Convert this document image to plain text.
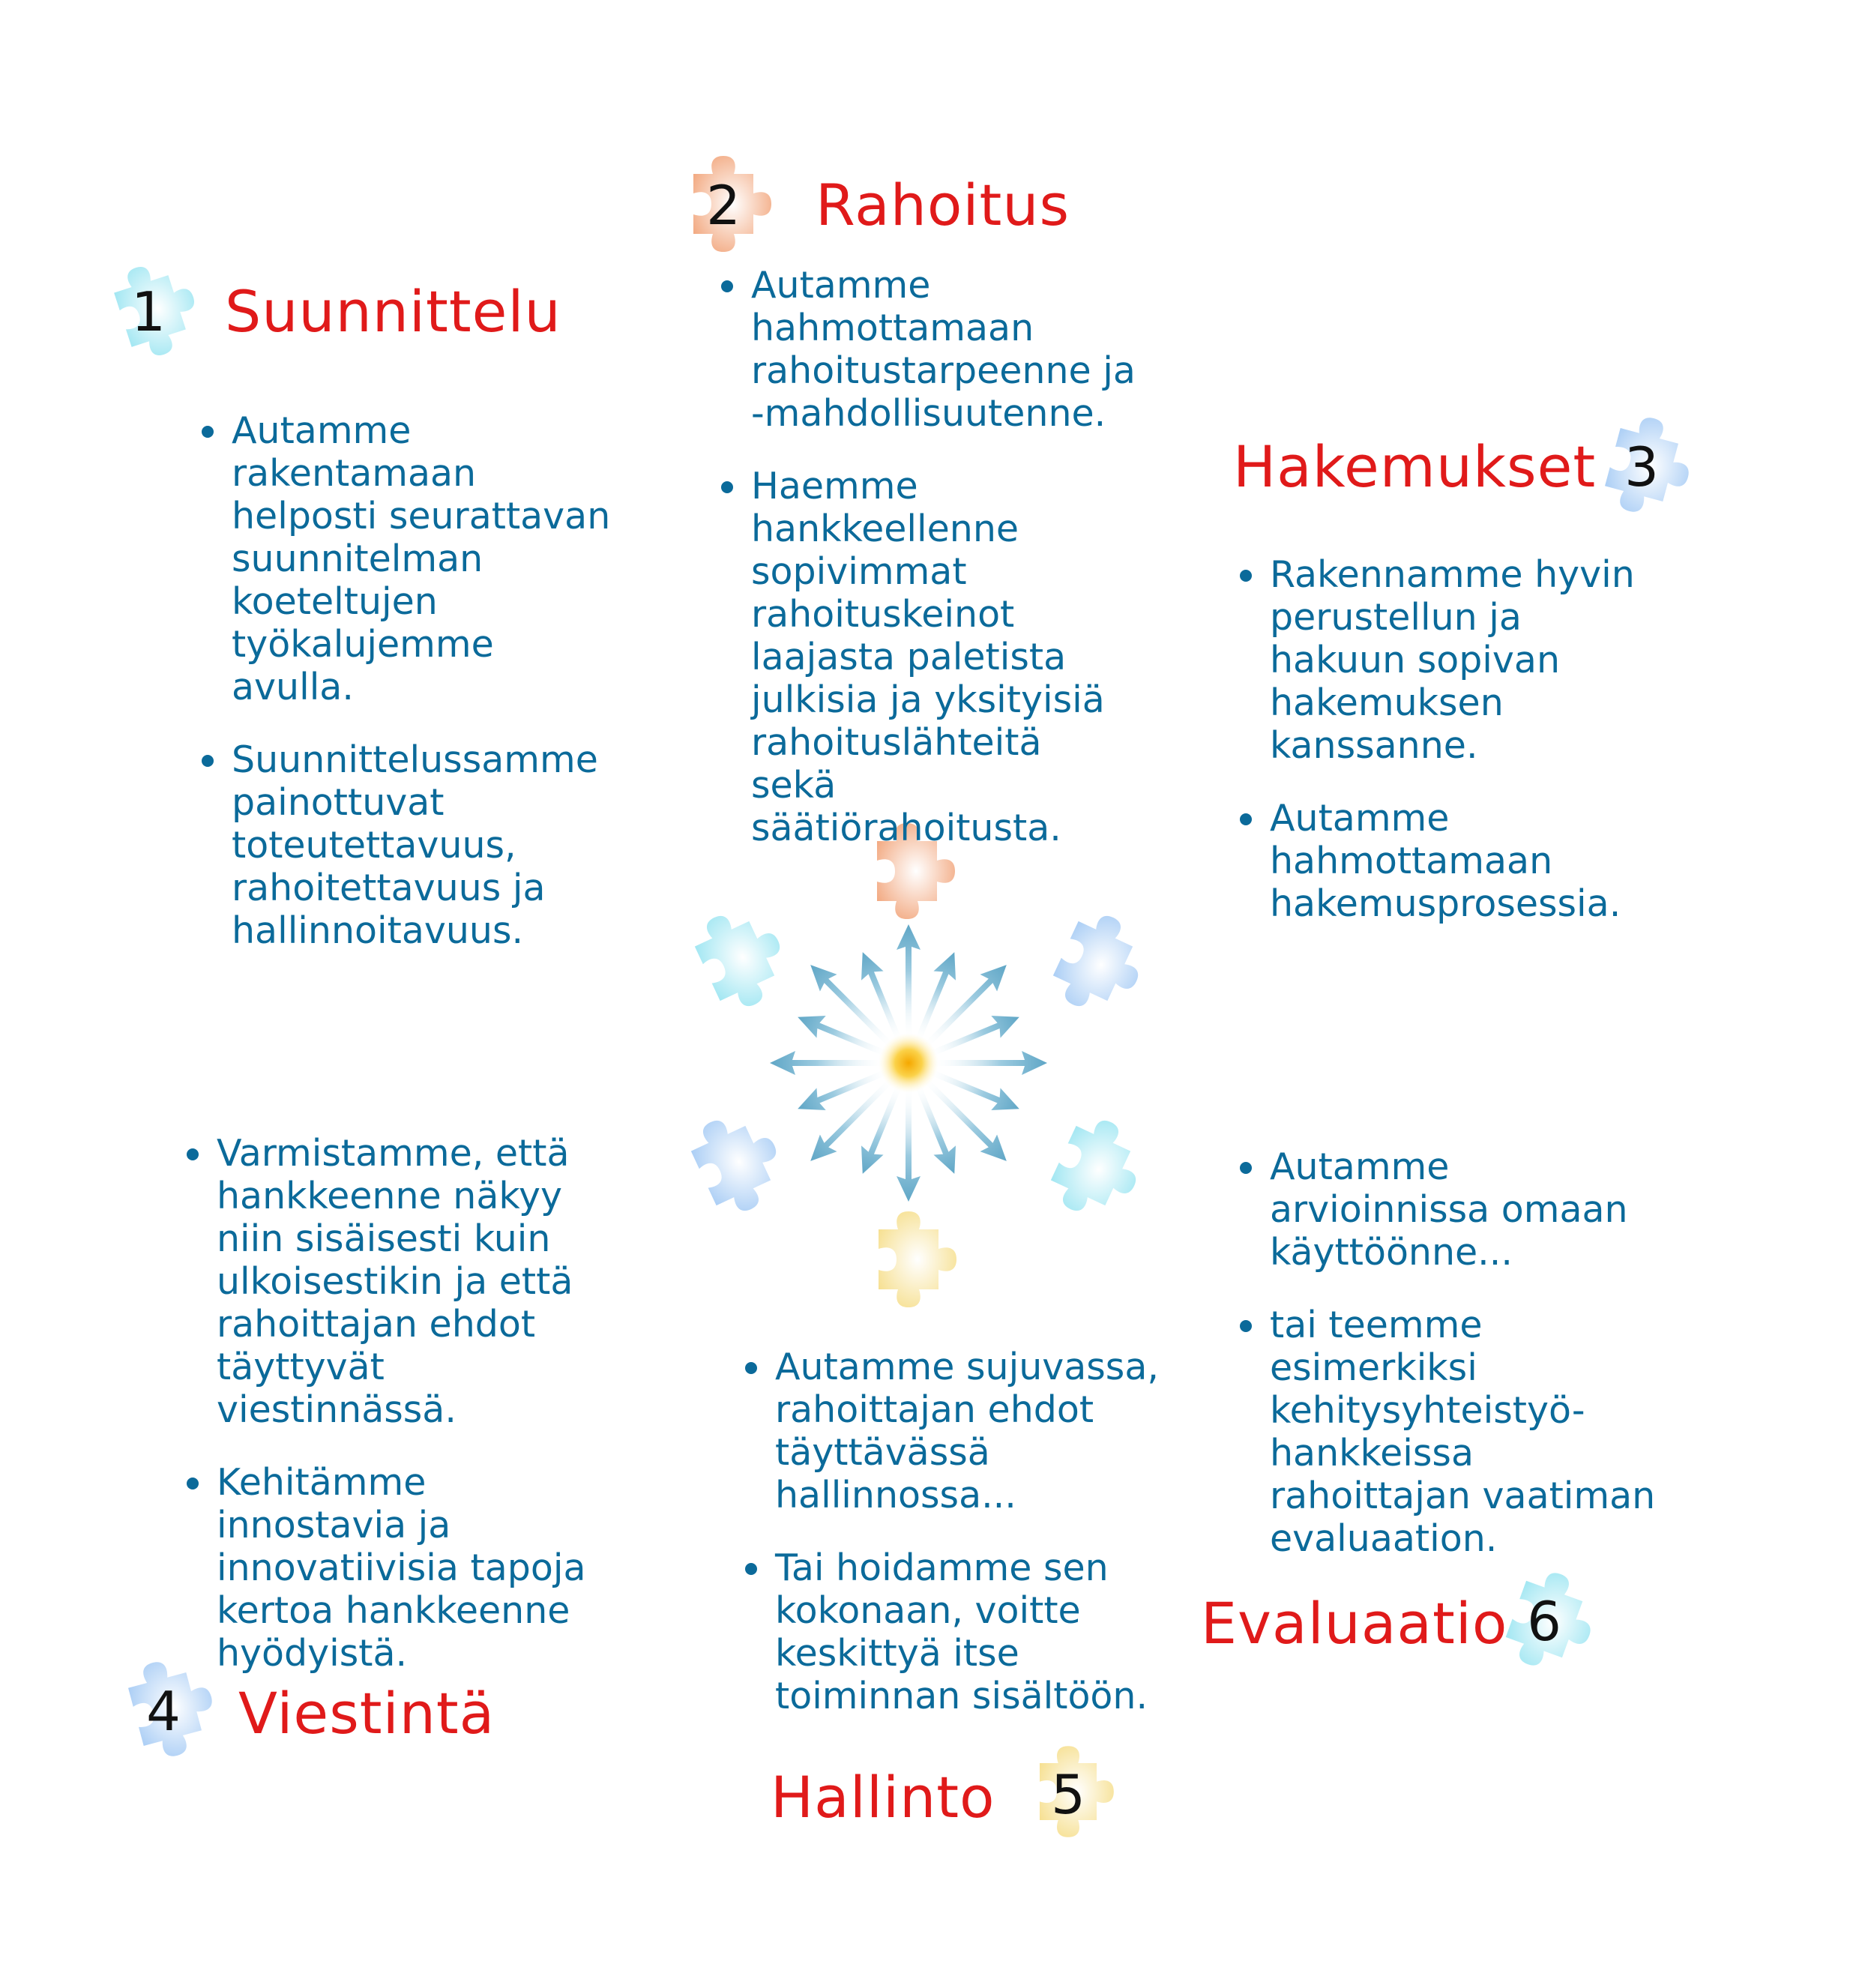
1 Suunnittelu
Autamme rakentamaan helposti seurattavan suunnitelman koeteltujen työkalujemme avulla.
Suunnittelussamme painottuvat toteutettavuus, rahoitettavuus ja hallinnoitavuus.
2 Rahoitus
Autamme hahmottamaan rahoitustarpeenne ja -mahdollisuutenne.
Haemme hankkeellenne sopivimmat rahoituskeinot laajasta paletista julkisia ja yksityisiä rahoituslähteitä sekä säätiörahoitusta.
Hakemukset 3
Rakennamme hyvin perustellun ja hakuun sopivan hakemuksen kanssanne.
Autamme hahmottamaan hakemusprosessia.
Varmistamme, että hankkeenne näkyy niin sisäisesti kuin ulkoisestikin ja että rahoittajan ehdot täyttyvät viestinnässä.
Kehitämme innostavia ja innovatiivisia tapoja kertoa hankkeenne hyödyistä.
4 Viestintä
Autamme sujuvassa, rahoittajan ehdot täyttävässä hallinnossa...
Tai hoidamme sen kokonaan, voitte keskittyä itse toiminnan sisältöön.
Hallinto 5
Autamme arvioinnissa omaan käyttöönne...
tai teemme esimerkiksi kehitysyhteistyö-hankkeissa rahoittajan vaatiman evaluaation.
Evaluaatio 6
